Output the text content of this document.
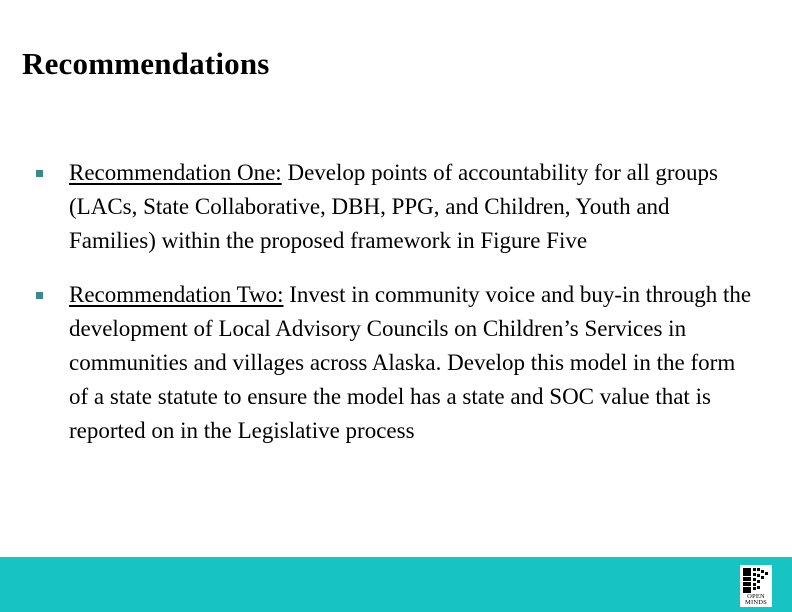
Recommendations
Recommendation One: Develop points of accountability for all groups (LACs, State Collaborative, DBH, PPG, and Children, Youth and Families) within the proposed framework in Figure Five
Recommendation Two: Invest in community voice and buy-in through the development of Local Advisory Councils on Children’s Services in communities and villages across Alaska. Develop this model in the form of a state statute to ensure the model has a state and SOC value that is reported on in the Legislative process
OPEN
MINDS
